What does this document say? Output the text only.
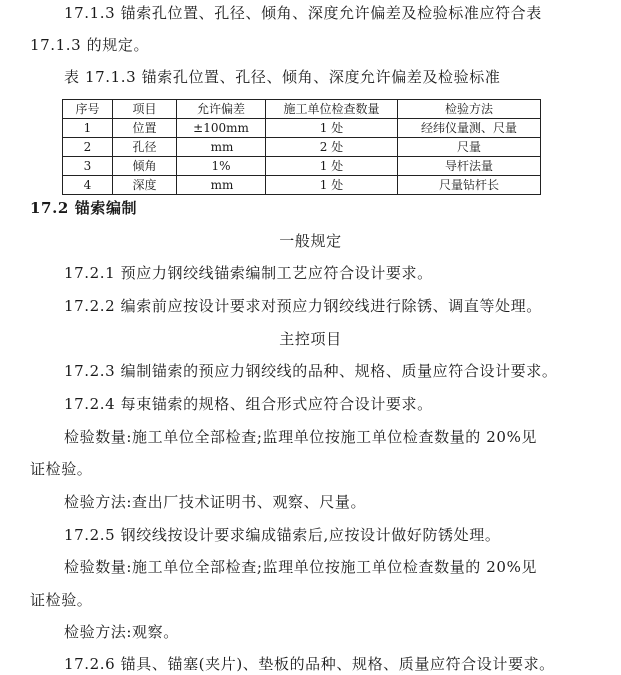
17.1.3 锚索孔位置、孔径、倾角、深度允许偏差及检验标准应符合表
17.1.3 的规定。
表 17.1.3 锚索孔位置、孔径、倾角、深度允许偏差及检验标准
序号	项目	允许偏差	施工单位检查数量	检验方法
1	位置	±100mm	1 处	经纬仪量测、尺量
2	孔径	mm	2 处	尺量
3	倾角	1%	1 处	导杆法量
4	深度	mm	1 处	尺量钻杆长
17.2 锚索编制
一般规定
17.2.1 预应力钢绞线锚索编制工艺应符合设计要求。
17.2.2 编索前应按设计要求对预应力钢绞线进行除锈、调直等处理。
主控项目
17.2.3 编制锚索的预应力钢绞线的品种、规格、质量应符合设计要求。
17.2.4 每束锚索的规格、组合形式应符合设计要求。
检验数量:施工单位全部检查;监理单位按施工单位检查数量的 20%见
证检验。
检验方法:查出厂技术证明书、观察、尺量。
17.2.5 钢绞线按设计要求编成锚索后,应按设计做好防锈处理。
检验数量:施工单位全部检查;监理单位按施工单位检查数量的 20%见
证检验。
检验方法:观察。
17.2.6 锚具、锚塞(夹片)、垫板的品种、规格、质量应符合设计要求。
